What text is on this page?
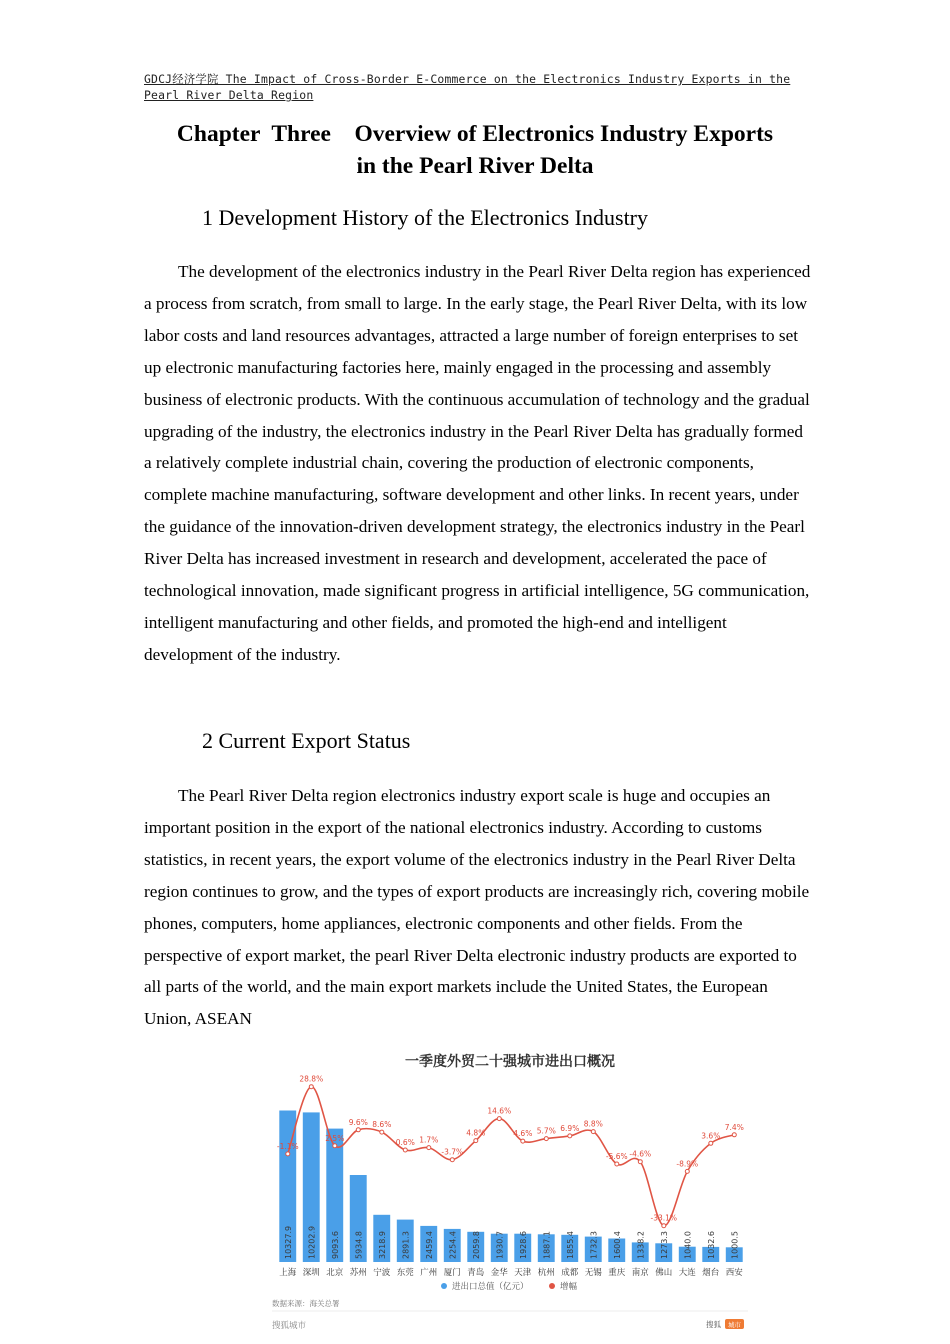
GDCJ经济学院 The Impact of Cross-Border E-Commerce on the Electronics Industry Exports in the Pearl River Delta Region
Chapter  Three    Overview of Electronics Industry Exports
in the Pearl River Delta
1 Development History of the Electronics Industry

The development of the electronics industry in the Pearl River Delta region has experienced a process from scratch, from small to large. In the early stage, the Pearl River Delta, with its low labor costs and land resources advantages, attracted a large number of foreign enterprises to set up electronic manufacturing factories here, mainly engaged in the processing and assembly business of electronic products. With the continuous accumulation of technology and the gradual upgrading of the industry, the electronics industry in the Pearl River Delta has gradually formed a relatively complete industrial chain, covering the production of electronic components, complete machine manufacturing, software development and other links. In recent years, under the guidance of the innovation-driven development strategy, the electronics industry in the Pearl River Delta has increased investment in research and development, accelerated the pace of technological innovation, made significant progress in artificial intelligence, 5G communication, intelligent manufacturing and other fields, and promoted the high-end and intelligent development of the industry.

2 Current Export Status

The Pearl River Delta region electronics industry export scale is huge and occupies an important position in the export of the national electronics industry. According to customs statistics, in recent years, the export volume of the electronics industry in the Pearl River Delta region continues to grow, and the types of export products are increasingly rich, covering mobile phones, computers, home appliances, electronic components and other fields. From the perspective of export market, the pearl River Delta electronic industry products are exported to all parts of the world, and the main export markets include the United States, the European Union, ASEAN

一季度外贸二十强城市进出口概况
10327.9 10202.9 9093.6 5934.8 3218.9 2891.3 2459.4 2254.4 2059.8 1930.7 1928.6 1887.1 1855.4 1732.3 1600.4 1338.2 1273.3 1040.0 1032.6 1000.5
-1.1%
28.8%
2.5%
9.6% 8.6%
0.6% 1.7%
-3.7%
4.8%
14.6%
4.6% 5.7% 6.9% 8.8%
-5.6% -4.6%
-33.1%
-8.9%
3.6%
7.4%
上海 深圳 北京 苏州 宁波 东莞 广州 厦门 青岛 金华 天津 杭州 成都 无锡 重庆 南京 佛山 大连 烟台 西安
进出口总值（亿元）	增幅
数据来源：海关总署
搜狐城市	搜狐 城市
